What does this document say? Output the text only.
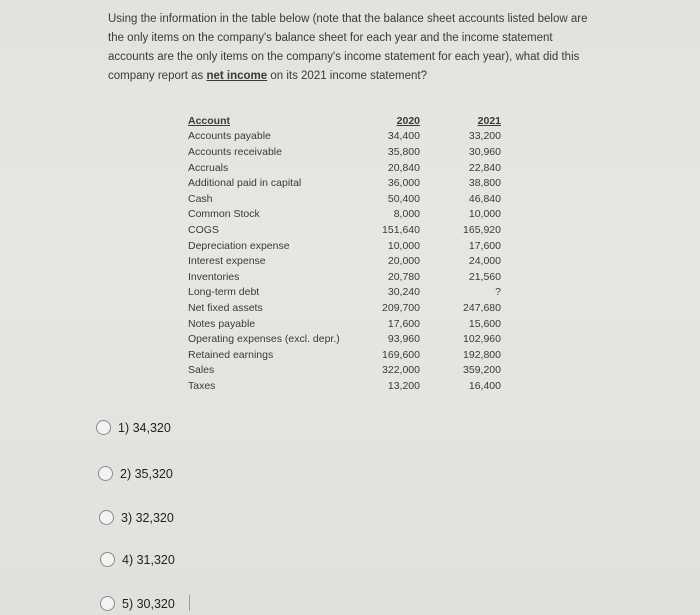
Using the information in the table below (note that the balance sheet accounts listed below are the only items on the company's balance sheet for each year and the income statement accounts are the only items on the company's income statement for each year), what did this company report as net income on its 2021 income statement?
Account	2020		2021
Accounts payable	34,400		33,200
Accounts receivable	35,800		30,960
Accruals	20,840		22,840
Additional paid in capital	36,000		38,800
Cash	50,400		46,840
Common Stock	8,000		10,000
COGS	151,640		165,920
Depreciation expense	10,000		17,600
Interest expense	20,000		24,000
Inventories	20,780		21,560
Long-term debt	30,240		?
Net fixed assets	209,700		247,680
Notes payable	17,600		15,600
Operating expenses (excl. depr.)	93,960		102,960
Retained earnings	169,600		192,800
Sales	322,000		359,200
Taxes	13,200		16,400
1) 34,320
2) 35,320
3) 32,320
4) 31,320
5) 30,320
